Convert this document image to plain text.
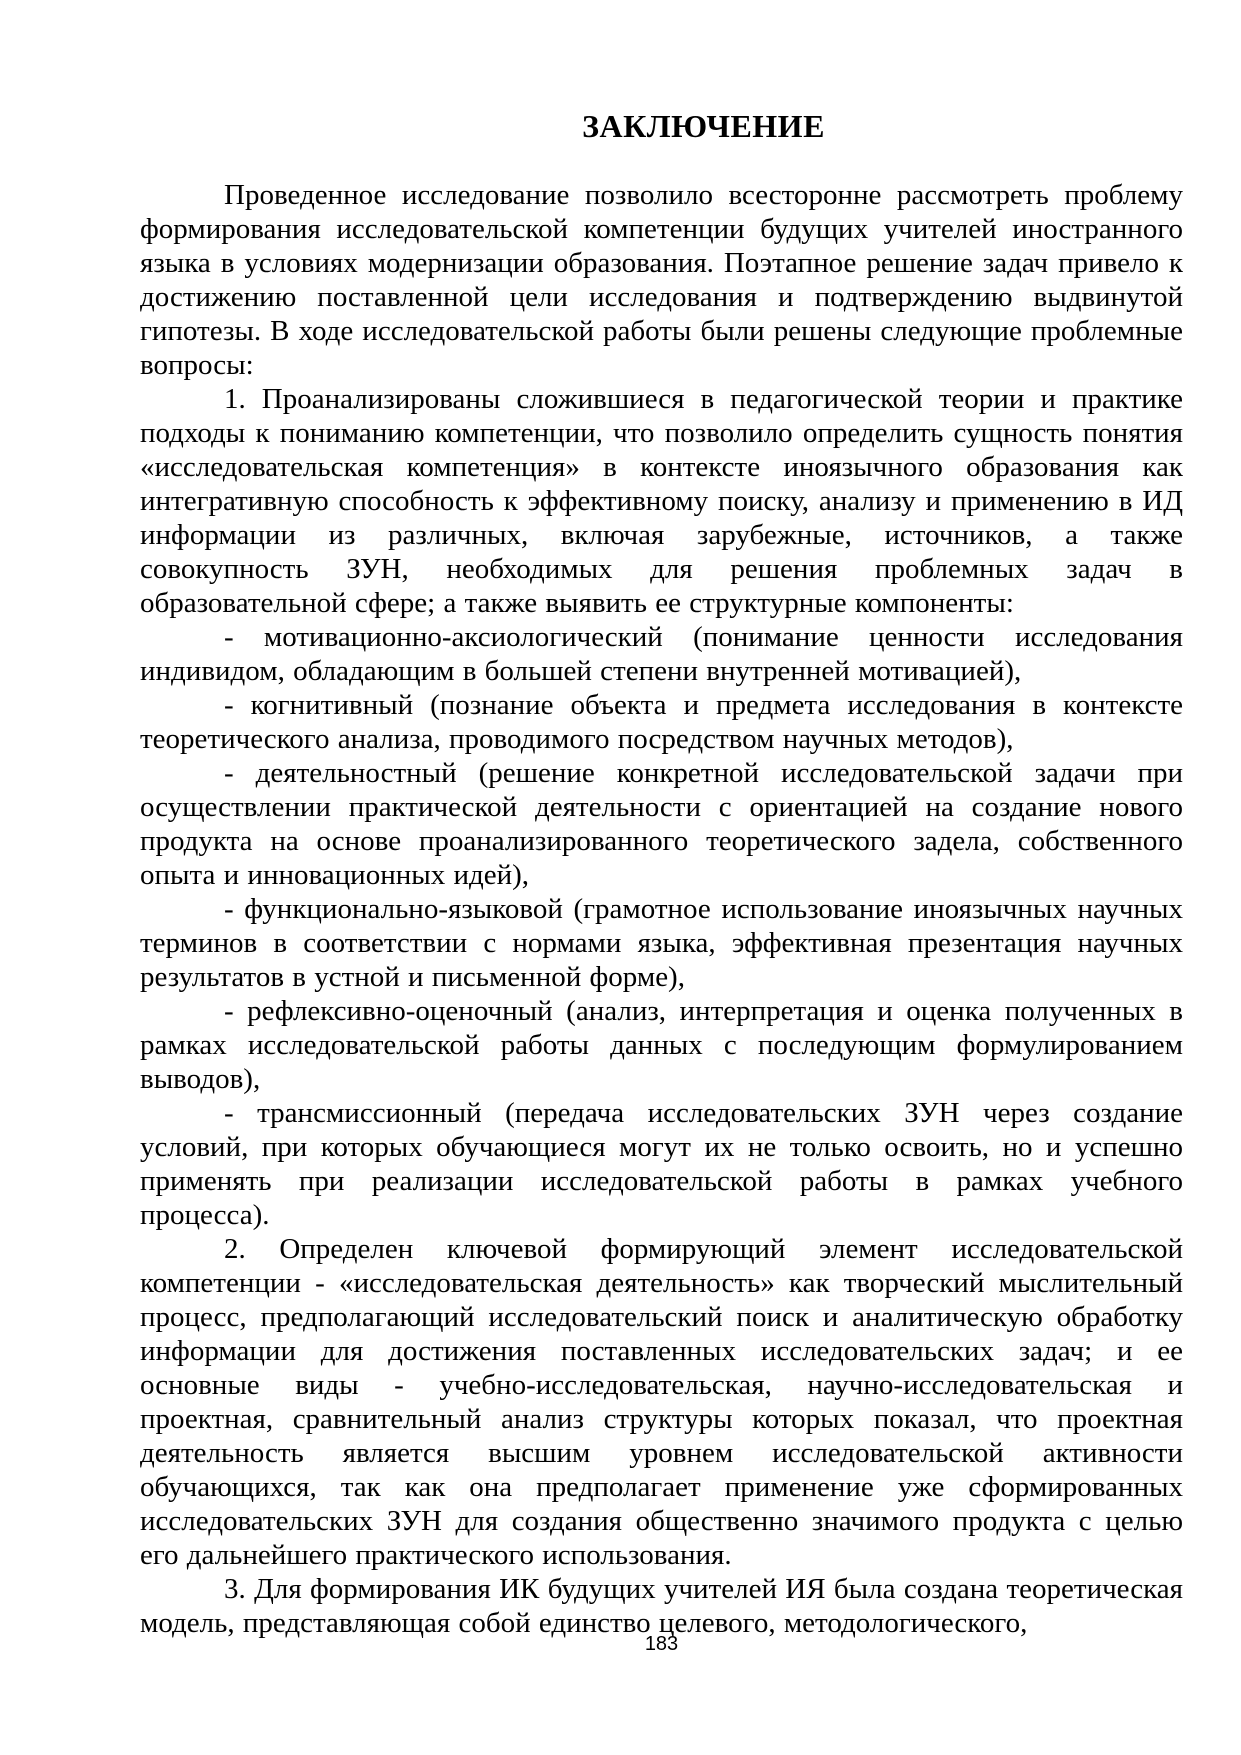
ЗАКЛЮЧЕНИЕ

Проведенное исследование позволило всесторонне рассмотреть проблему формирования исследовательской компетенции будущих учителей иностранного языка в условиях модернизации образования. Поэтапное решение задач привело к достижению поставленной цели исследования и подтверждению выдвинутой гипотезы. В ходе исследовательской работы были решены следующие проблемные вопросы:

1. Проанализированы сложившиеся в педагогической теории и практике подходы к пониманию компетенции, что позволило определить сущность понятия «исследовательская компетенция» в контексте иноязычного образования как интегративную способность к эффективному поиску, анализу и применению в ИД информации из различных, включая зарубежные, источников, а также совокупность ЗУН, необходимых для решения проблемных задач в образовательной сфере; а также выявить ее структурные компоненты:

- мотивационно-аксиологический (понимание ценности исследования индивидом, обладающим в большей степени внутренней мотивацией),

- когнитивный (познание объекта и предмета исследования в контексте теоретического анализа, проводимого посредством научных методов),

- деятельностный (решение конкретной исследовательской задачи при осуществлении практической деятельности с ориентацией на создание нового продукта на основе проанализированного теоретического задела, собственного опыта и инновационных идей),

- функционально-языковой (грамотное использование иноязычных научных терминов в соответствии с нормами языка, эффективная презентация научных результатов в устной и письменной форме),

- рефлексивно-оценочный (анализ, интерпретация и оценка полученных в рамках исследовательской работы данных с последующим формулированием выводов),

- трансмиссионный (передача исследовательских ЗУН через создание условий, при которых обучающиеся могут их не только освоить, но и успешно применять при реализации исследовательской работы в рамках учебного процесса).

2. Определен ключевой формирующий элемент исследовательской компетенции - «исследовательская деятельность» как творческий мыслительный процесс, предполагающий исследовательский поиск и аналитическую обработку информации для достижения поставленных исследовательских задач; и ее основные виды - учебно-исследовательская, научно-исследовательская и проектная, сравнительный анализ структуры которых показал, что проектная деятельность является высшим уровнем исследовательской активности обучающихся, так как она предполагает применение уже сформированных исследовательских ЗУН для создания общественно значимого продукта с целью его дальнейшего практического использования.

3. Для формирования ИК будущих учителей ИЯ была создана теоретическая модель, представляющая собой единство целевого, методологического,

183
